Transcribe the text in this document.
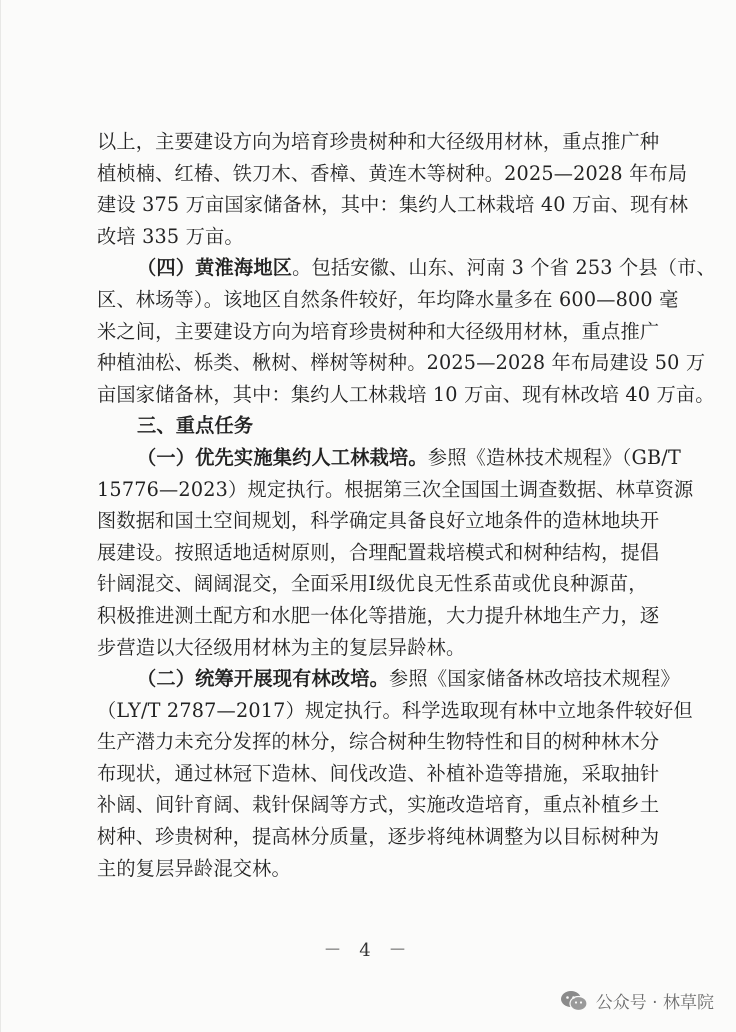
以上，主要建设方向为培育珍贵树种和大径级用材林，重点推广种
植桢楠、红椿、铁刀木、香樟、黄连木等树种。2025—2028 年布局
建设 375 万亩国家储备林，其中：集约人工林栽培 40 万亩、现有林
改培 335 万亩。
（四）黄淮海地区。包括安徽、山东、河南 3 个省 253 个县（市、
区、林场等）。该地区自然条件较好，年均降水量多在 600—800 毫
米之间，主要建设方向为培育珍贵树种和大径级用材林，重点推广
种植油松、栎类、楸树、榉树等树种。2025—2028 年布局建设 50 万
亩国家储备林，其中：集约人工林栽培 10 万亩、现有林改培 40 万亩。
三、重点任务
（一）优先实施集约人工林栽培。参照《造林技术规程》（GB/T
15776—2023）规定执行。根据第三次全国国土调查数据、林草资源
图数据和国土空间规划，科学确定具备良好立地条件的造林地块开
展建设。按照适地适树原则，合理配置栽培模式和树种结构，提倡
针阔混交、阔阔混交，全面采用Ⅰ级优良无性系苗或优良种源苗，
积极推进测土配方和水肥一体化等措施，大力提升林地生产力，逐
步营造以大径级用材林为主的复层异龄林。
（二）统筹开展现有林改培。参照《国家储备林改培技术规程》
（LY/T 2787—2017）规定执行。科学选取现有林中立地条件较好但
生产潜力未充分发挥的林分，综合树种生物特性和目的树种林木分
布现状，通过林冠下造林、间伐改造、补植补造等措施，采取抽针
补阔、间针育阔、栽针保阔等方式，实施改造培育，重点补植乡土
树种、珍贵树种，提高林分质量，逐步将纯林调整为以目标树种为
主的复层异龄混交林。
－ 4 －
公众号 · 林草院
